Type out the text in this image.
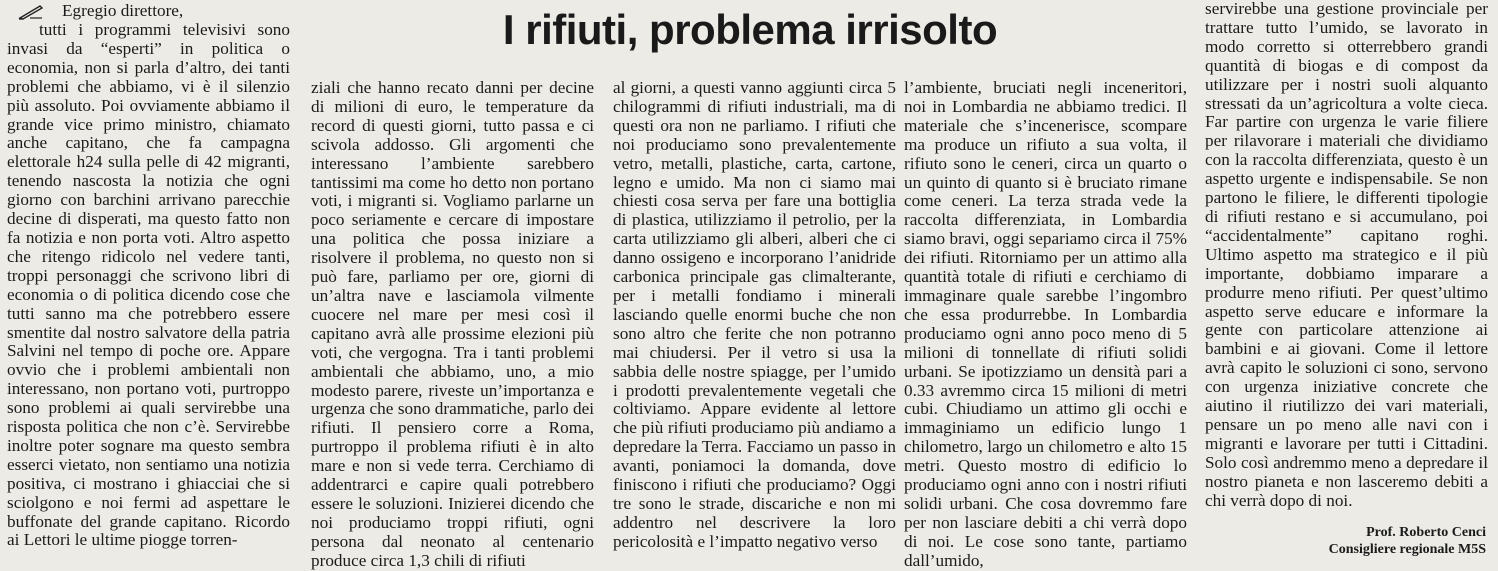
I rifiuti, problema irrisolto
Egregio direttore,

tutti i programmi televisivi sono invasi da “esperti” in politica o economia, non si parla d’altro, dei tanti problemi che abbiamo, vi è il silenzio più assoluto. Poi ovviamente abbiamo il grande vice primo ministro, chiamato anche capitano, che fa campagna elettorale h24 sulla pelle di 42 migranti, tenendo nascosta la notizia che ogni giorno con barchini arrivano parecchie decine di disperati, ma questo fatto non fa notizia e non porta voti. Altro aspetto che ritengo ridicolo nel vedere tanti, troppi personaggi che scrivono libri di economia o di politica dicendo cose che tutti sanno ma che potrebbero essere smentite dal nostro salvatore della patria Salvini nel tempo di poche ore. Appare ovvio che i problemi ambientali non interessano, non portano voti, purtroppo sono problemi ai quali servirebbe una risposta politica che non c’è. Servirebbe inoltre poter sognare ma questo sembra esserci vietato, non sentiamo una notizia positiva, ci mostrano i ghiacciai che si sciolgono e noi fermi ad aspettare le buffonate del grande capitano. Ricordo ai Lettori le ultime piogge torren-

ziali che hanno recato danni per decine di milioni di euro, le temperature da record di questi giorni, tutto passa e ci scivola addosso. Gli argomenti che interessano l’ambiente sarebbero tantissimi ma come ho detto non portano voti, i migranti si. Vogliamo parlarne un poco seriamente e cercare di impostare una politica che possa iniziare a risolvere il problema, no questo non si può fare, parliamo per ore, giorni di un’altra nave e lasciamola vilmente cuocere nel mare per mesi così il capitano avrà alle prossime elezioni più voti, che vergogna. Tra i tanti problemi ambientali che abbiamo, uno, a mio modesto parere, riveste un’importanza e urgenza che sono drammatiche, parlo dei rifiuti. Il pensiero corre a Roma, purtroppo il problema rifiuti è in alto mare e non si vede terra. Cerchiamo di addentrarci e capire quali potrebbero essere le soluzioni. Inizierei dicendo che noi produciamo troppi rifiuti, ogni persona dal neonato al centenario produce circa 1,3 chili di rifiuti

al giorni, a questi vanno aggiunti circa 5 chilogrammi di rifiuti industriali, ma di questi ora non ne parliamo. I rifiuti che noi produciamo sono prevalentemente vetro, metalli, plastiche, carta, cartone, legno e umido. Ma non ci siamo mai chiesti cosa serva per fare una bottiglia di plastica, utilizziamo il petrolio, per la carta utilizziamo gli alberi, alberi che ci danno ossigeno e incorporano l’anidride carbonica principale gas climalterante, per i metalli fondiamo i minerali lasciando quelle enormi buche che non sono altro che ferite che non potranno mai chiudersi. Per il vetro si usa la sabbia delle nostre spiagge, per l’umido i prodotti prevalentemente vegetali che coltiviamo. Appare evidente al lettore che più rifiuti produciamo più andiamo a depredare la Terra. Facciamo un passo in avanti, poniamoci la domanda, dove finiscono i rifiuti che produciamo? Oggi tre sono le strade, discariche e non mi addentro nel descrivere la loro pericolosità e l’impatto negativo verso

l’ambiente, bruciati negli inceneritori, noi in Lombardia ne abbiamo tredici. Il materiale che s’incenerisce, scompare ma produce un rifiuto a sua volta, il rifiuto sono le ceneri, circa un quarto o un quinto di quanto si è bruciato rimane come ceneri. La terza strada vede la raccolta differenziata, in Lombardia siamo bravi, oggi separiamo circa il 75% dei rifiuti. Ritorniamo per un attimo alla quantità totale di rifiuti e cerchiamo di immaginare quale sarebbe l’ingombro che essa produrrebbe. In Lombardia produciamo ogni anno poco meno di 5 milioni di tonnellate di rifiuti solidi urbani. Se ipotizziamo un densità pari a 0.33 avremmo circa 15 milioni di metri cubi. Chiudiamo un attimo gli occhi e immaginiamo un edificio lungo 1 chilometro, largo un chilometro e alto 15 metri. Questo mostro di edificio lo produciamo ogni anno con i nostri rifiuti solidi urbani. Che cosa dovremmo fare per non lasciare debiti a chi verrà dopo di noi. Le cose sono tante, partiamo dall’umido,

servirebbe una gestione provinciale per trattare tutto l’umido, se lavorato in modo corretto si otterrebbero grandi quantità di biogas e di compost da utilizzare per i nostri suoli alquanto stressati da un’agricoltura a volte cieca. Far partire con urgenza le varie filiere per rilavorare i materiali che dividiamo con la raccolta differenziata, questo è un aspetto urgente e indispensabile. Se non partono le filiere, le differenti tipologie di rifiuti restano e si accumulano, poi “accidentalmente” capitano roghi. Ultimo aspetto ma strategico e il più importante, dobbiamo imparare a produrre meno rifiuti. Per quest’ultimo aspetto serve educare e informare la gente con particolare attenzione ai bambini e ai giovani. Come il lettore avrà capito le soluzioni ci sono, servono con urgenza iniziative concrete che aiutino il riutilizzo dei vari materiali, pensare un po meno alle navi con i migranti e lavorare per tutti i Cittadini. Solo così andremmo meno a depredare il nostro pianeta e non lasceremo debiti a chi verrà dopo di noi.

Prof. Roberto Cenci
Consigliere regionale M5S
